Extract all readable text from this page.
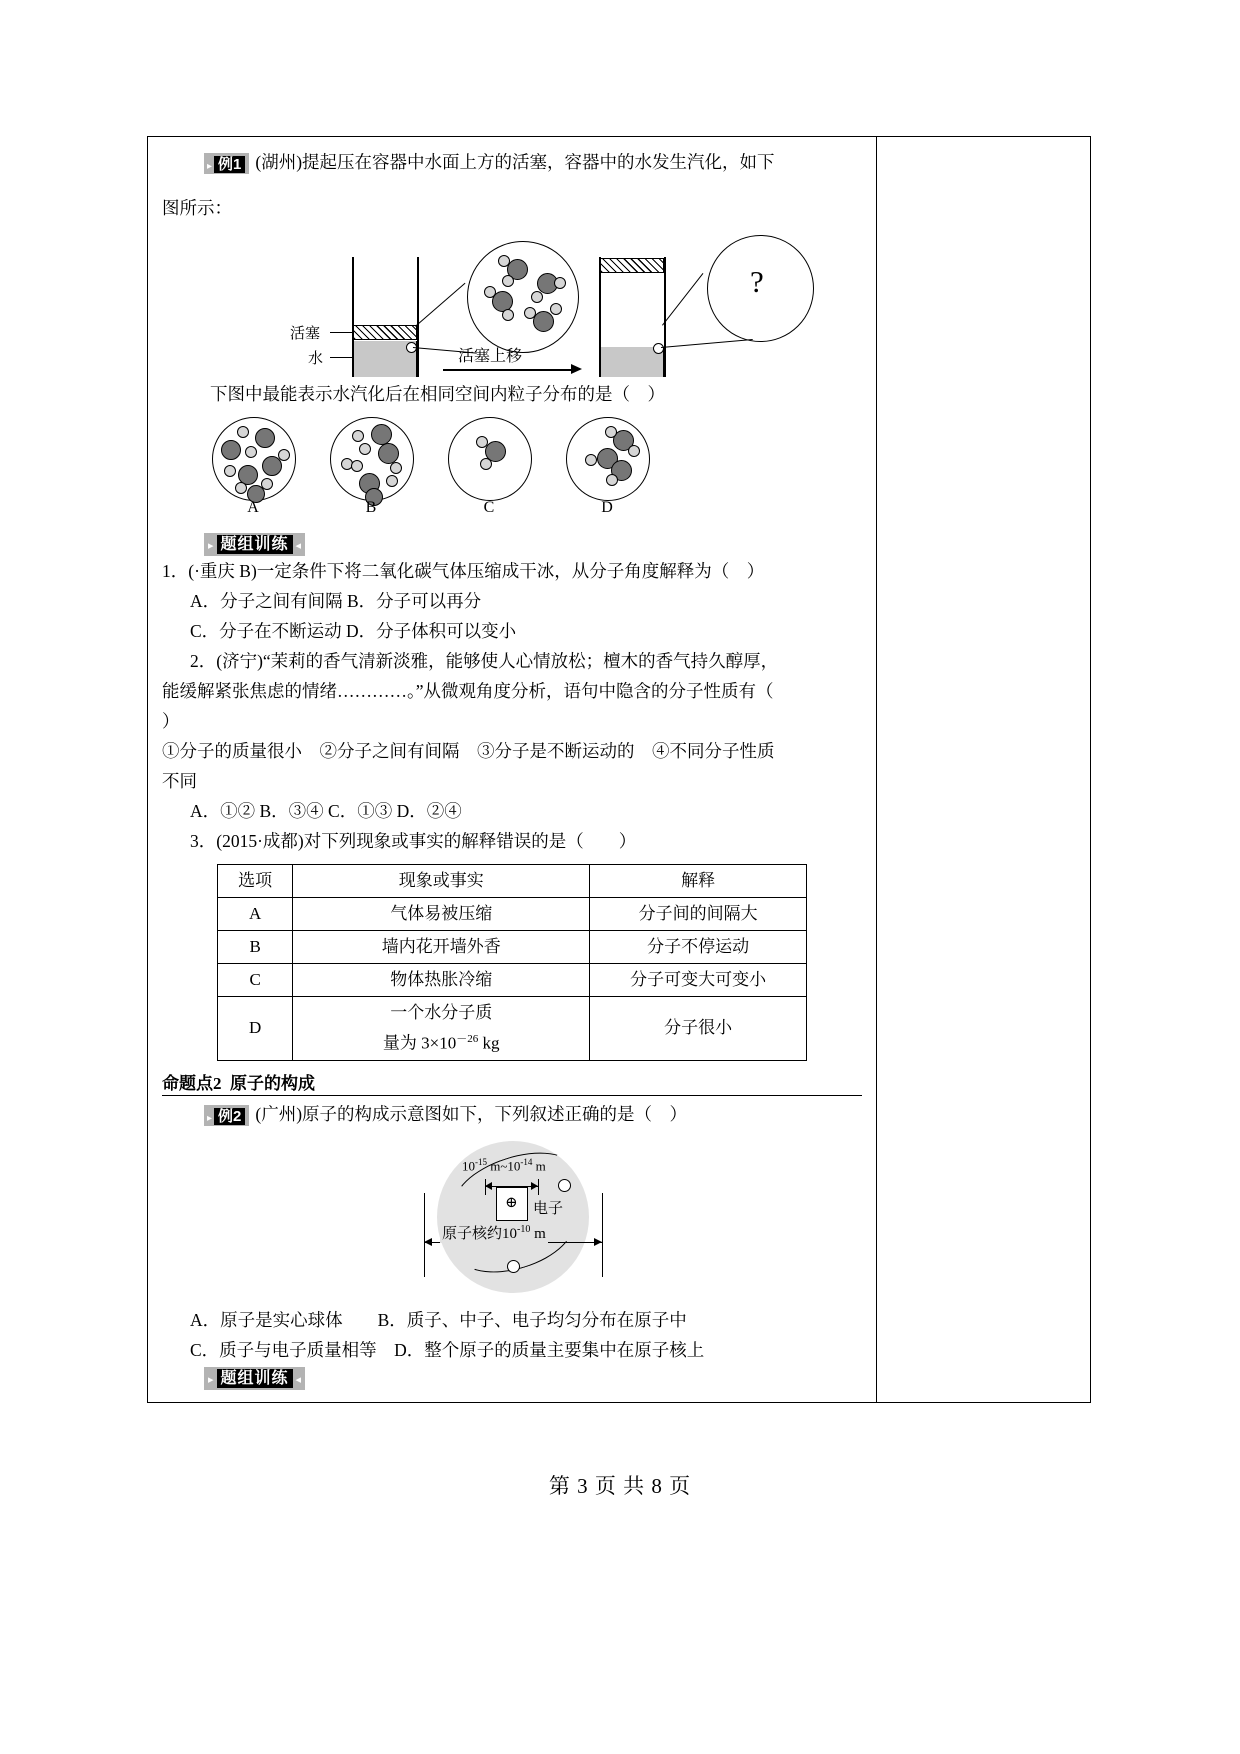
▸ 例1 (湖州)提起压在容器中水面上方的活塞，容器中的水发生汽化，如下

图所示：

活塞
水	活塞上移
?

下图中最能表示水汽化后在相同空间内粒子分布的是（　）

A	B	C	D
▸ 题组训练 ◂

1．(·重庆 B)一定条件下将二氧化碳气体压缩成干冰，从分子角度解释为（　）

A．分子之间有间隔 B．分子可以再分

C．分子在不断运动 D．分子体积可以变小

2．(济宁)“茉莉的香气清新淡雅，能够使人心情放松；檀木的香气持久醇厚，

能缓解紧张焦虑的情绪…………。”从微观角度分析，语句中隐含的分子性质有（

）

①分子的质量很小　②分子之间有间隔　③分子是不断运动的　④不同分子性质

不同

A．①② B．③④ C．①③ D．②④

3．(2015·成都)对下列现象或事实的解释错误的是（　　）

选项	现象或事实	解释
A	气体易被压缩	分子间的间隔大
B	墙内花开墙外香	分子不停运动
C	物体热胀冷缩	分子可变大可变小
D	一个水分子质
量为 $3\times 10^{-26}$ kg	分子很小
命题点2 原子的构成

▸ 例2 (广州)原子的构成示意图如下，下列叙述正确的是（　）

$10^{-15}$ $m\sim 10^{-14}$ m
⊕ 电子
原子核约$10^{-10}$ m

A．原子是实心球体　　B．质子、中子、电子均匀分布在原子中

C．质子与电子质量相等　D．整个原子的质量主要集中在原子核上

▸ 题组训练 ◂
第 3 页 共 8 页
